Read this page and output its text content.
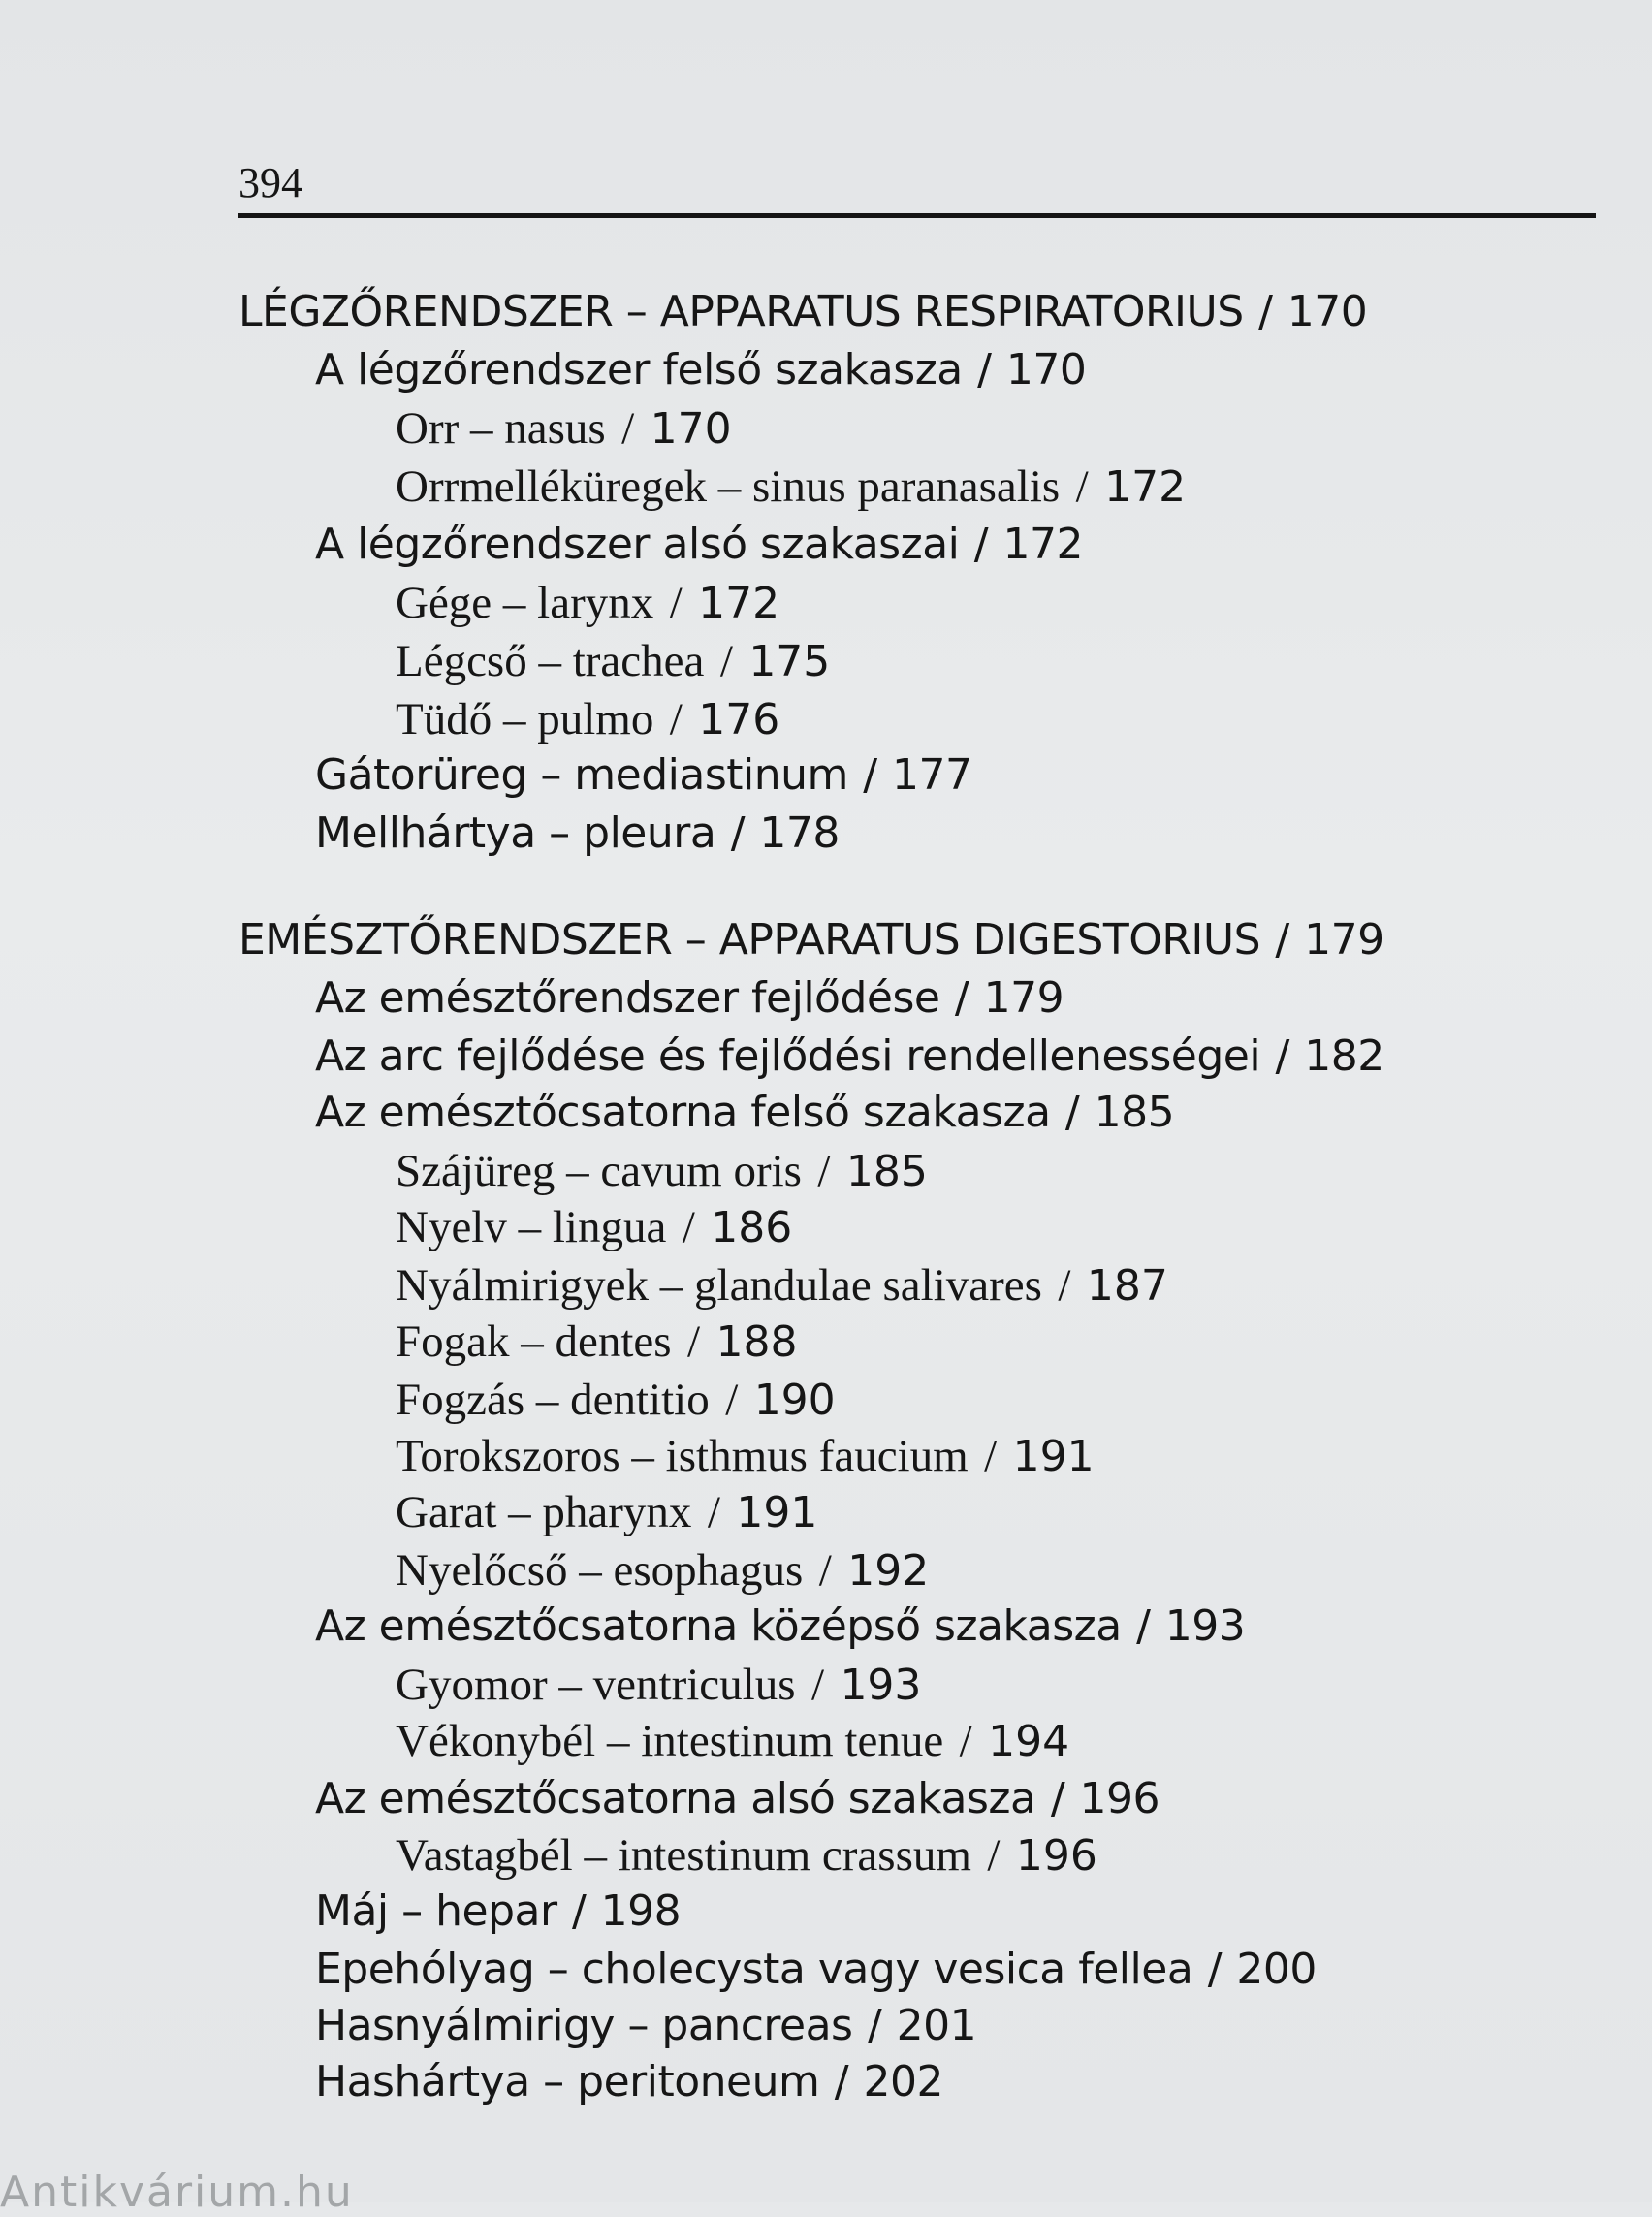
394
LÉGZŐRENDSZER – APPARATUS RESPIRATORIUS / 170
A légzőrendszer felső szakasza / 170
Orr – nasus / 170
Orrmelléküregek – sinus paranasalis / 172
A légzőrendszer alsó szakaszai / 172
Gége – larynx / 172
Légcső – trachea / 175
Tüdő – pulmo / 176
Gátorüreg – mediastinum / 177
Mellhártya – pleura / 178
EMÉSZTŐRENDSZER – APPARATUS DIGESTORIUS / 179
Az emésztőrendszer fejlődése / 179
Az arc fejlődése és fejlődési rendellenességei / 182
Az emésztőcsatorna felső szakasza / 185
Szájüreg – cavum oris / 185
Nyelv – lingua / 186
Nyálmirigyek – glandulae salivares / 187
Fogak – dentes / 188
Fogzás – dentitio / 190
Torokszoros – isthmus faucium / 191
Garat – pharynx / 191
Nyelőcső – esophagus / 192
Az emésztőcsatorna középső szakasza / 193
Gyomor – ventriculus / 193
Vékonybél – intestinum tenue / 194
Az emésztőcsatorna alsó szakasza / 196
Vastagbél – intestinum crassum / 196
Máj – hepar / 198
Epehólyag – cholecysta vagy vesica fellea / 200
Hasnyálmirigy – pancreas / 201
Hashártya – peritoneum / 202
Antikvárium.hu
